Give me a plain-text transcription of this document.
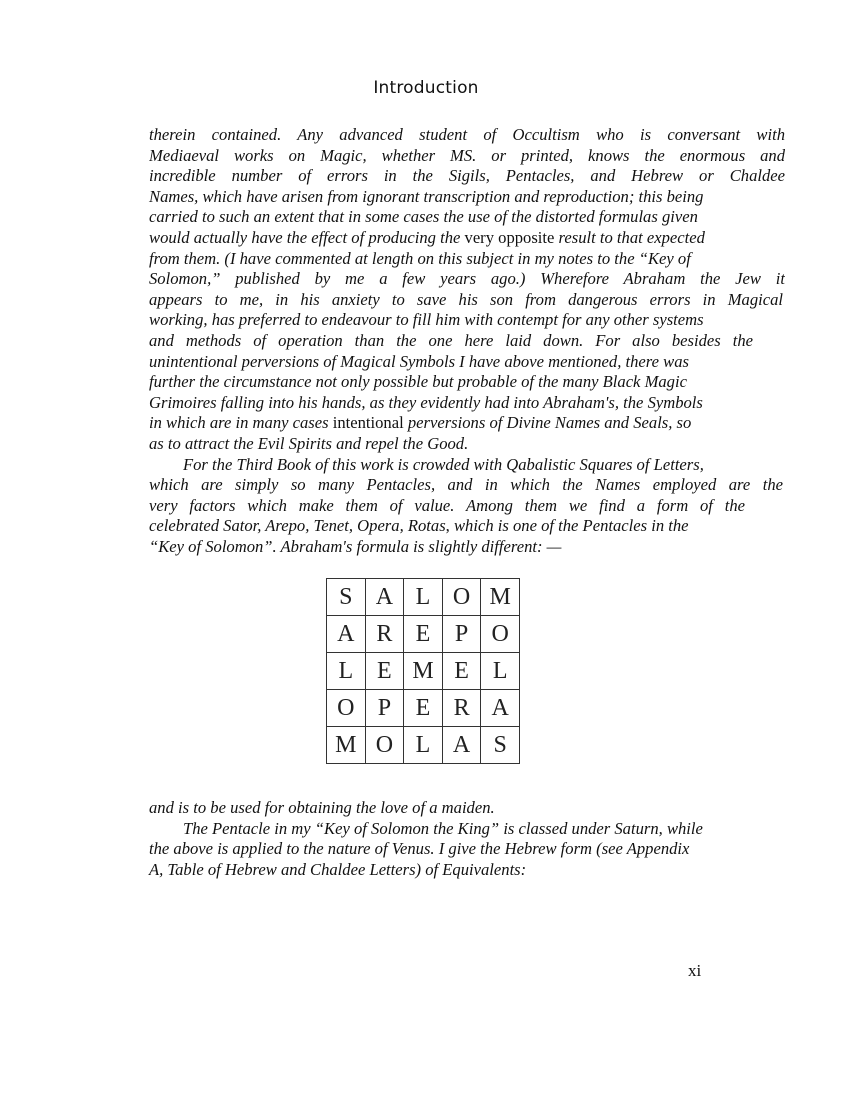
Introduction
therein contained. Any advanced student of Occultism who is conversant with
Mediaeval works on Magic, whether MS. or printed, knows the enormous and
incredible number of errors in the Sigils, Pentacles, and Hebrew or Chaldee
Names, which have arisen from ignorant transcription and reproduction; this being
carried to such an extent that in some cases the use of the distorted formulas given
would actually have the effect of producing the very opposite result to that expected
from them. (I have commented at length on this subject in my notes to the “Key of
Solomon,” published by me a few years ago.) Wherefore Abraham the Jew it
appears to me, in his anxiety to save his son from dangerous errors in Magical
working, has preferred to endeavour to fill him with contempt for any other systems
and methods of operation than the one here laid down. For also besides the
unintentional perversions of Magical Symbols I have above mentioned, there was
further the circumstance not only possible but probable of the many Black Magic
Grimoires falling into his hands, as they evidently had into Abraham's, the Symbols
in which are in many cases intentional perversions of Divine Names and Seals, so
as to attract the Evil Spirits and repel the Good.
For the Third Book of this work is crowded with Qabalistic Squares of Letters,
which are simply so many Pentacles, and in which the Names employed are the
very factors which make them of value. Among them we find a form of the
celebrated Sator, Arepo, Tenet, Opera, Rotas, which is one of the Pentacles in the
“Key of Solomon”. Abraham's formula is slightly different: —
S	A	L	O	M
A	R	E	P	O
L	E	M	E	L
O	P	E	R	A
M	O	L	A	S
and is to be used for obtaining the love of a maiden.
The Pentacle in my “Key of Solomon the King” is classed under Saturn, while
the above is applied to the nature of Venus. I give the Hebrew form (see Appendix
A, Table of Hebrew and Chaldee Letters) of Equivalents:
xi
